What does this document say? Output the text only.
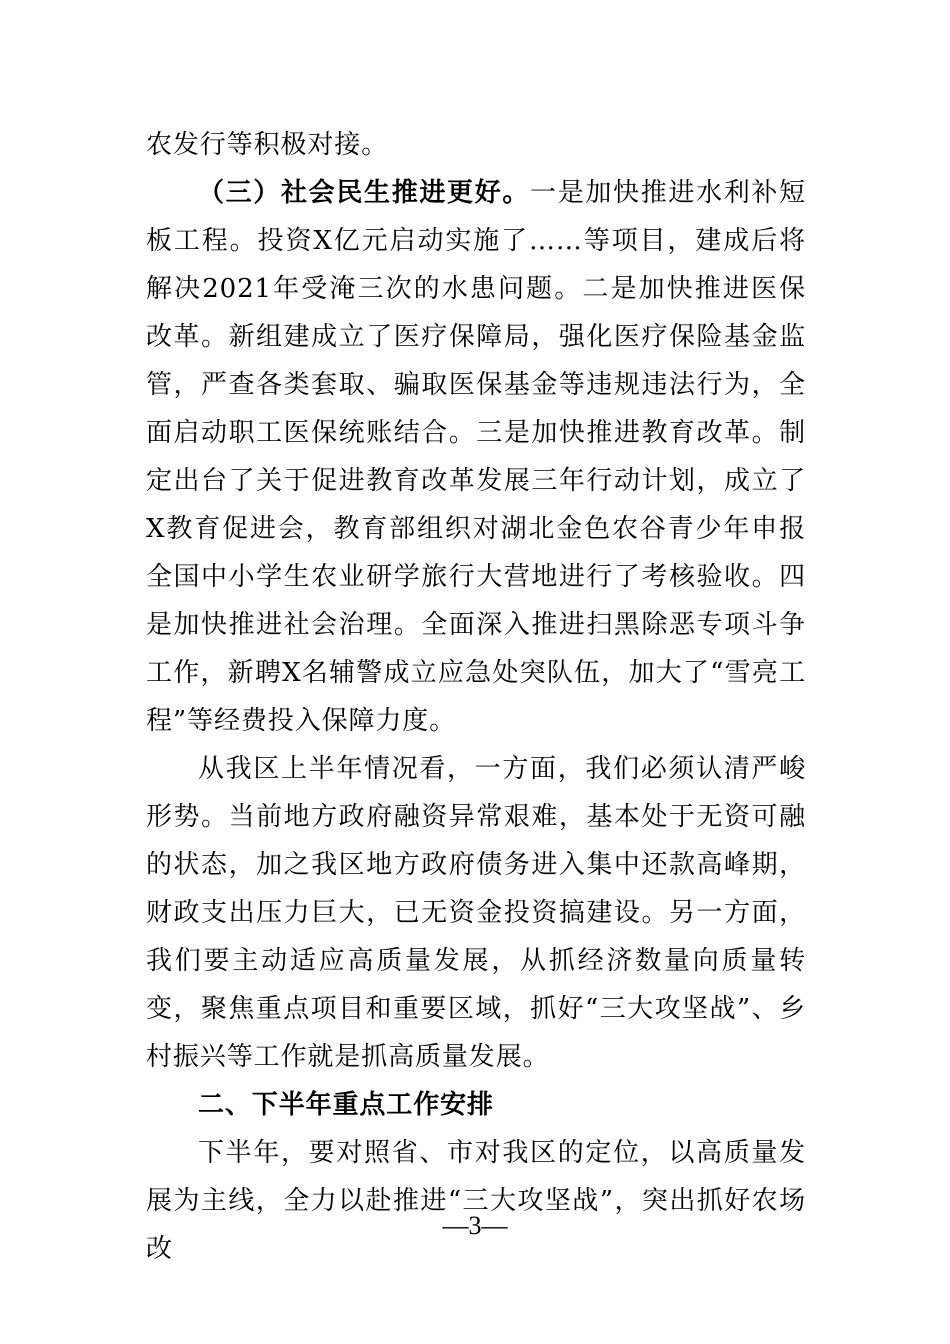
农发行等积极对接。

（三）社会民生推进更好。一是加快推进水利补短板工程。投资X亿元启动实施了……等项目，建成后将解决2021年受淹三次的水患问题。二是加快推进医保改革。新组建成立了医疗保障局，强化医疗保险基金监管，严查各类套取、骗取医保基金等违规违法行为，全面启动职工医保统账结合。三是加快推进教育改革。制定出台了关于促进教育改革发展三年行动计划，成立了X教育促进会，教育部组织对湖北金色农谷青少年申报全国中小学生农业研学旅行大营地进行了考核验收。四是加快推进社会治理。全面深入推进扫黑除恶专项斗争工作，新聘X名辅警成立应急处突队伍，加大了“雪亮工程”等经费投入保障力度。

从我区上半年情况看，一方面，我们必须认清严峻形势。当前地方政府融资异常艰难，基本处于无资可融的状态，加之我区地方政府债务进入集中还款高峰期，财政支出压力巨大，已无资金投资搞建设。另一方面，我们要主动适应高质量发展，从抓经济数量向质量转变，聚焦重点项目和重要区域，抓好“三大攻坚战”、乡村振兴等工作就是抓高质量发展。

二、下半年重点工作安排

下半年，要对照省、市对我区的定位，以高质量发展为主线，全力以赴推进“三大攻坚战”，突出抓好农场改

—3—
